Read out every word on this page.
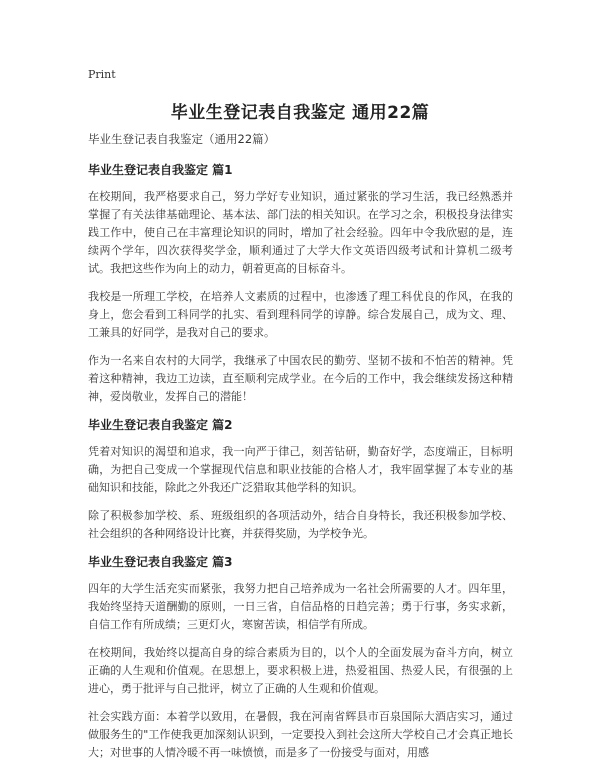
Print
毕业生登记表自我鉴定 通用22篇
毕业生登记表自我鉴定（通用22篇）
毕业生登记表自我鉴定 篇1

在校期间，我严格要求自己，努力学好专业知识，通过紧张的学习生活，我已经熟悉并掌握了有关法律基础理论、基本法、部门法的相关知识。在学习之余，积极投身法律实践工作中，使自己在丰富理论知识的同时，增加了社会经验。四年中令我欣慰的是，连续两个学年，四次获得奖学金，顺利通过了大学大作文英语四级考试和计算机二级考试。我把这些作为向上的动力，朝着更高的目标奋斗。

我校是一所理工学校，在培养人文素质的过程中，也渗透了理工科优良的作风，在我的身上，您会看到工科同学的扎实、看到理科同学的谆静。综合发展自己，成为文、理、工兼具的好同学，是我对自己的要求。

作为一名来自农村的大同学，我继承了中国农民的勤劳、坚韧不拔和不怕苦的精神。凭着这种精神，我边工边读，直至顺利完成学业。在今后的工作中，我会继续发扬这种精神，爱岗敬业，发挥自己的潜能！

毕业生登记表自我鉴定 篇2

凭着对知识的渴望和追求，我一向严于律己，刻苦钻研，勤奋好学，态度端正，目标明确，为把自己变成一个掌握现代信息和职业技能的合格人才，我牢固掌握了本专业的基础知识和技能，除此之外我还广泛猎取其他学科的知识。

除了积极参加学校、系、班级组织的各项活动外，结合自身特长，我还积极参加学校、社会组织的各种网络设计比赛，并获得奖励，为学校争光。

毕业生登记表自我鉴定 篇3

四年的大学生活充实而紧张，我努力把自己培养成为一名社会所需要的人才。四年里，我始终坚持天道酬勤的原则，一日三省，自信品格的日趋完善；勇于行事，务实求新，自信工作有所成绩；三更灯火，寒窗苦读，相信学有所成。

在校期间，我始终以提高自身的综合素质为目的，以个人的全面发展为奋斗方向，树立正确的人生观和价值观。在思想上，要求积极上进，热爱祖国、热爱人民，有很强的上进心，勇于批评与自己批评，树立了正确的人生观和价值观。

社会实践方面：本着学以致用，在暑假，我在河南省辉县市百泉国际大酒店实习，通过做服务生的"工作使我更加深刻认识到，一定要投入到社会这所大学校自己才会真正地长大；对世事的人情冷暖不再一味愤愤，而是多了一份接受与面对，用感
